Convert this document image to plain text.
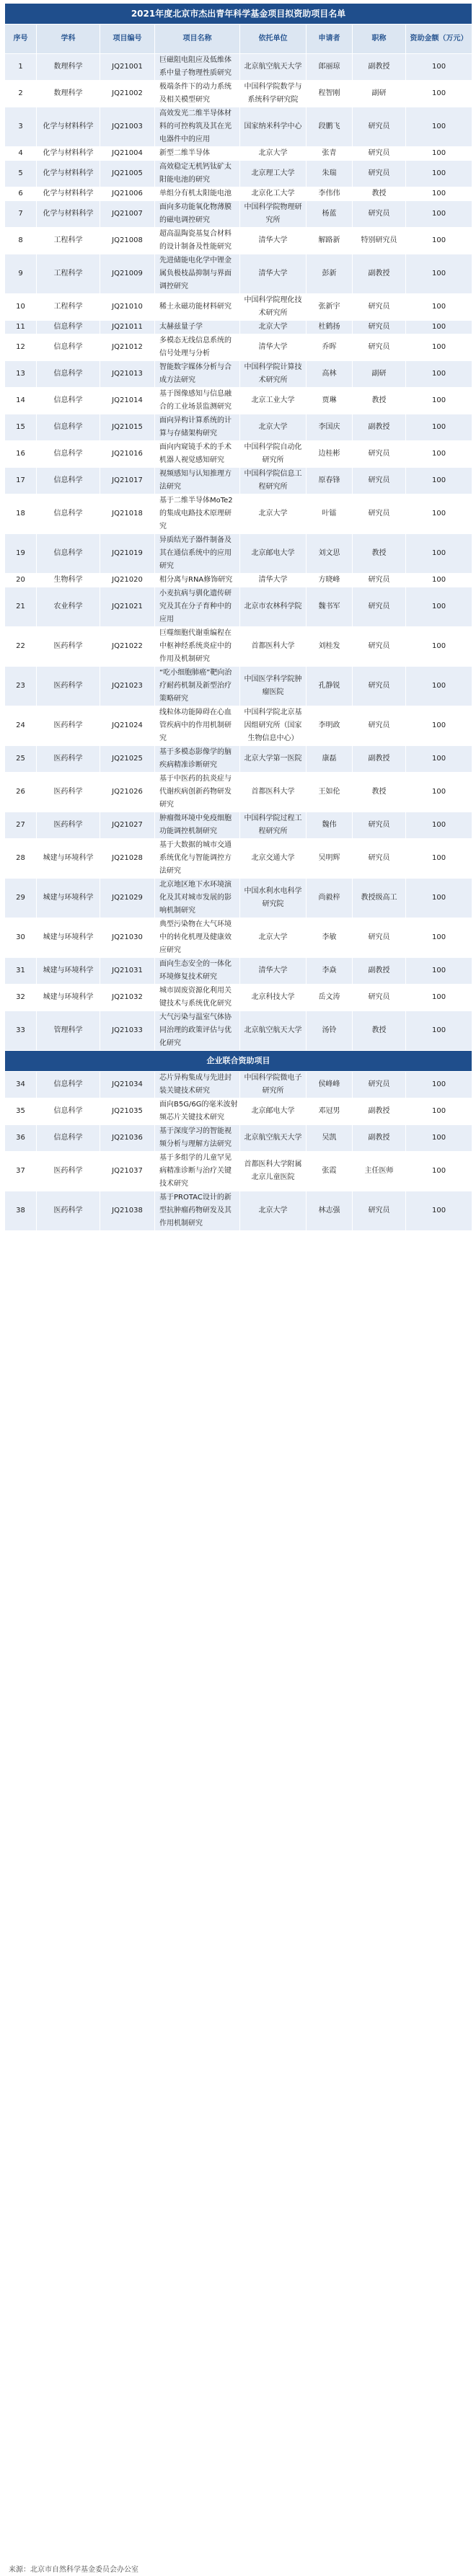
2021年度北京市杰出青年科学基金项目拟资助项目名单							
序号	学科	项目编号	项目名称	依托单位	申请者	职称	资助金额（万元）
1	数理科学	JQ21001	巨磁阻电阻应及低维体系中量子物理性质研究	北京航空航天大学	郎丽琼	副教授	100
2	数理科学	JQ21002	极端条件下的动力系统及相关模型研究	中国科学院数学与系统科学研究院	程智刚	副研	100
3	化学与材料科学	JQ21003	高效发光二维半导体材料的可控构筑及其在光电器件中的应用	国家纳米科学中心	段鹏飞	研究员	100
4	化学与材料科学	JQ21004	新型二维半导体	北京大学	张青	研究员	100
5	化学与材料科学	JQ21005	高效稳定无机钙钛矿太阳能电池的研究	北京理工大学	朱瑞	研究员	100
6	化学与材料科学	JQ21006	单组分有机太阳能电池	北京化工大学	李伟伟	教授	100
7	化学与材料科学	JQ21007	面向多功能氧化物薄膜的磁电调控研究	中国科学院物理研究所	杨蓝	研究员	100
8	工程科学	JQ21008	超高温陶瓷基复合材料的设计制备及性能研究	清华大学	解路新	特别研究员	100
9	工程科学	JQ21009	先进储能电化学中锂金属负极枝晶抑制与界面调控研究	清华大学	彭新	副教授	100
10	工程科学	JQ21010	稀土永磁功能材料研究	中国科学院理化技术研究所	张新宇	研究员	100
11	信息科学	JQ21011	太赫兹量子学	北京大学	杜鹤扬	研究员	100
12	信息科学	JQ21012	多模态无线信息系统的信号处理与分析	清华大学	乔晖	研究员	100
13	信息科学	JQ21013	智能数字媒体分析与合成方法研究	中国科学院计算技术研究所	高林	副研	100
14	信息科学	JQ21014	基于图像感知与信息融合的工业场景监测研究	北京工业大学	贾琳	教授	100
15	信息科学	JQ21015	面向异构计算系统的计算与存储架构研究	北京大学	李国庆	副教授	100
16	信息科学	JQ21016	面向内窥镜手术的手术机器人视觉感知研究	中国科学院自动化研究所	边桂彬	研究员	100
17	信息科学	JQ21017	视频感知与认知推理方法研究	中国科学院信息工程研究所	原春锋	研究员	100
18	信息科学	JQ21018	基于二维半导体MoTe2的集成电路技术原理研究	北京大学	叶镭	研究员	100
19	信息科学	JQ21019	异质结光子器件制备及其在通信系统中的应用研究	北京邮电大学	刘文思	教授	100
20	生物科学	JQ21020	相分离与RNA修饰研究	清华大学	方晓峰	研究员	100
21	农业科学	JQ21021	小麦抗病与驯化遗传研究及其在分子育种中的应用	北京市农林科学院	魏书军	研究员	100
22	医药科学	JQ21022	巨噬细胞代谢重编程在中枢神经系统炎症中的作用及机制研究	首都医科大学	刘桂发	研究员	100
23	医药科学	JQ21023	“吃小细胞肺癌”靶向治疗耐药机制及新型治疗策略研究	中国医学科学院肿瘤医院	孔静锐	研究员	100
24	医药科学	JQ21024	线粒体功能障碍在心血管疾病中的作用机制研究	中国科学院北京基因组研究所（国家生物信息中心）	李明政	研究员	100
25	医药科学	JQ21025	基于多模态影像学的脑疾病精准诊断研究	北京大学第一医院	康磊	副教授	100
26	医药科学	JQ21026	基于中医药的抗炎症与代谢疾病创新药物研发研究	首都医科大学	王如伦	教授	100
27	医药科学	JQ21027	肿瘤微环境中免疫细胞功能调控机制研究	中国科学院过程工程研究所	魏伟	研究员	100
28	城建与环境科学	JQ21028	基于大数据的城市交通系统优化与智能调控方法研究	北京交通大学	吴明辉	研究员	100
29	城建与环境科学	JQ21029	北京地区地下水环境演化及其对城市发展的影响机制研究	中国水利水电科学研究院	尚毅梓	教授级高工	100
30	城建与环境科学	JQ21030	典型污染物在大气环境中的转化机理及健康效应研究	北京大学	李敏	研究员	100
31	城建与环境科学	JQ21031	面向生态安全的一体化环境修复技术研究	清华大学	李焱	副教授	100
32	城建与环境科学	JQ21032	城市固废资源化利用关键技术与系统优化研究	北京科技大学	岳文涛	研究员	100
33	管理科学	JQ21033	大气污染与温室气体协同治理的政策评估与优化研究	北京航空航天大学	汤铃	教授	100
企业联合资助项目							
34	信息科学	JQ21034	芯片异构集成与先进封装关键技术研究	中国科学院微电子研究所	侯峰峰	研究员	100
35	信息科学	JQ21035	面向B5G/6G的毫米波射频芯片关键技术研究	北京邮电大学	邓冠男	副教授	100
36	信息科学	JQ21036	基于深度学习的智能视频分析与理解方法研究	北京航空航天大学	吴凯	副教授	100
37	医药科学	JQ21037	基于多组学的儿童罕见病精准诊断与治疗关键技术研究	首都医科大学附属北京儿童医院	张霞	主任医师	100
38	医药科学	JQ21038	基于PROTAC设计的新型抗肿瘤药物研发及其作用机制研究	北京大学	林志强	研究员	100
来源：北京市自然科学基金委员会办公室
